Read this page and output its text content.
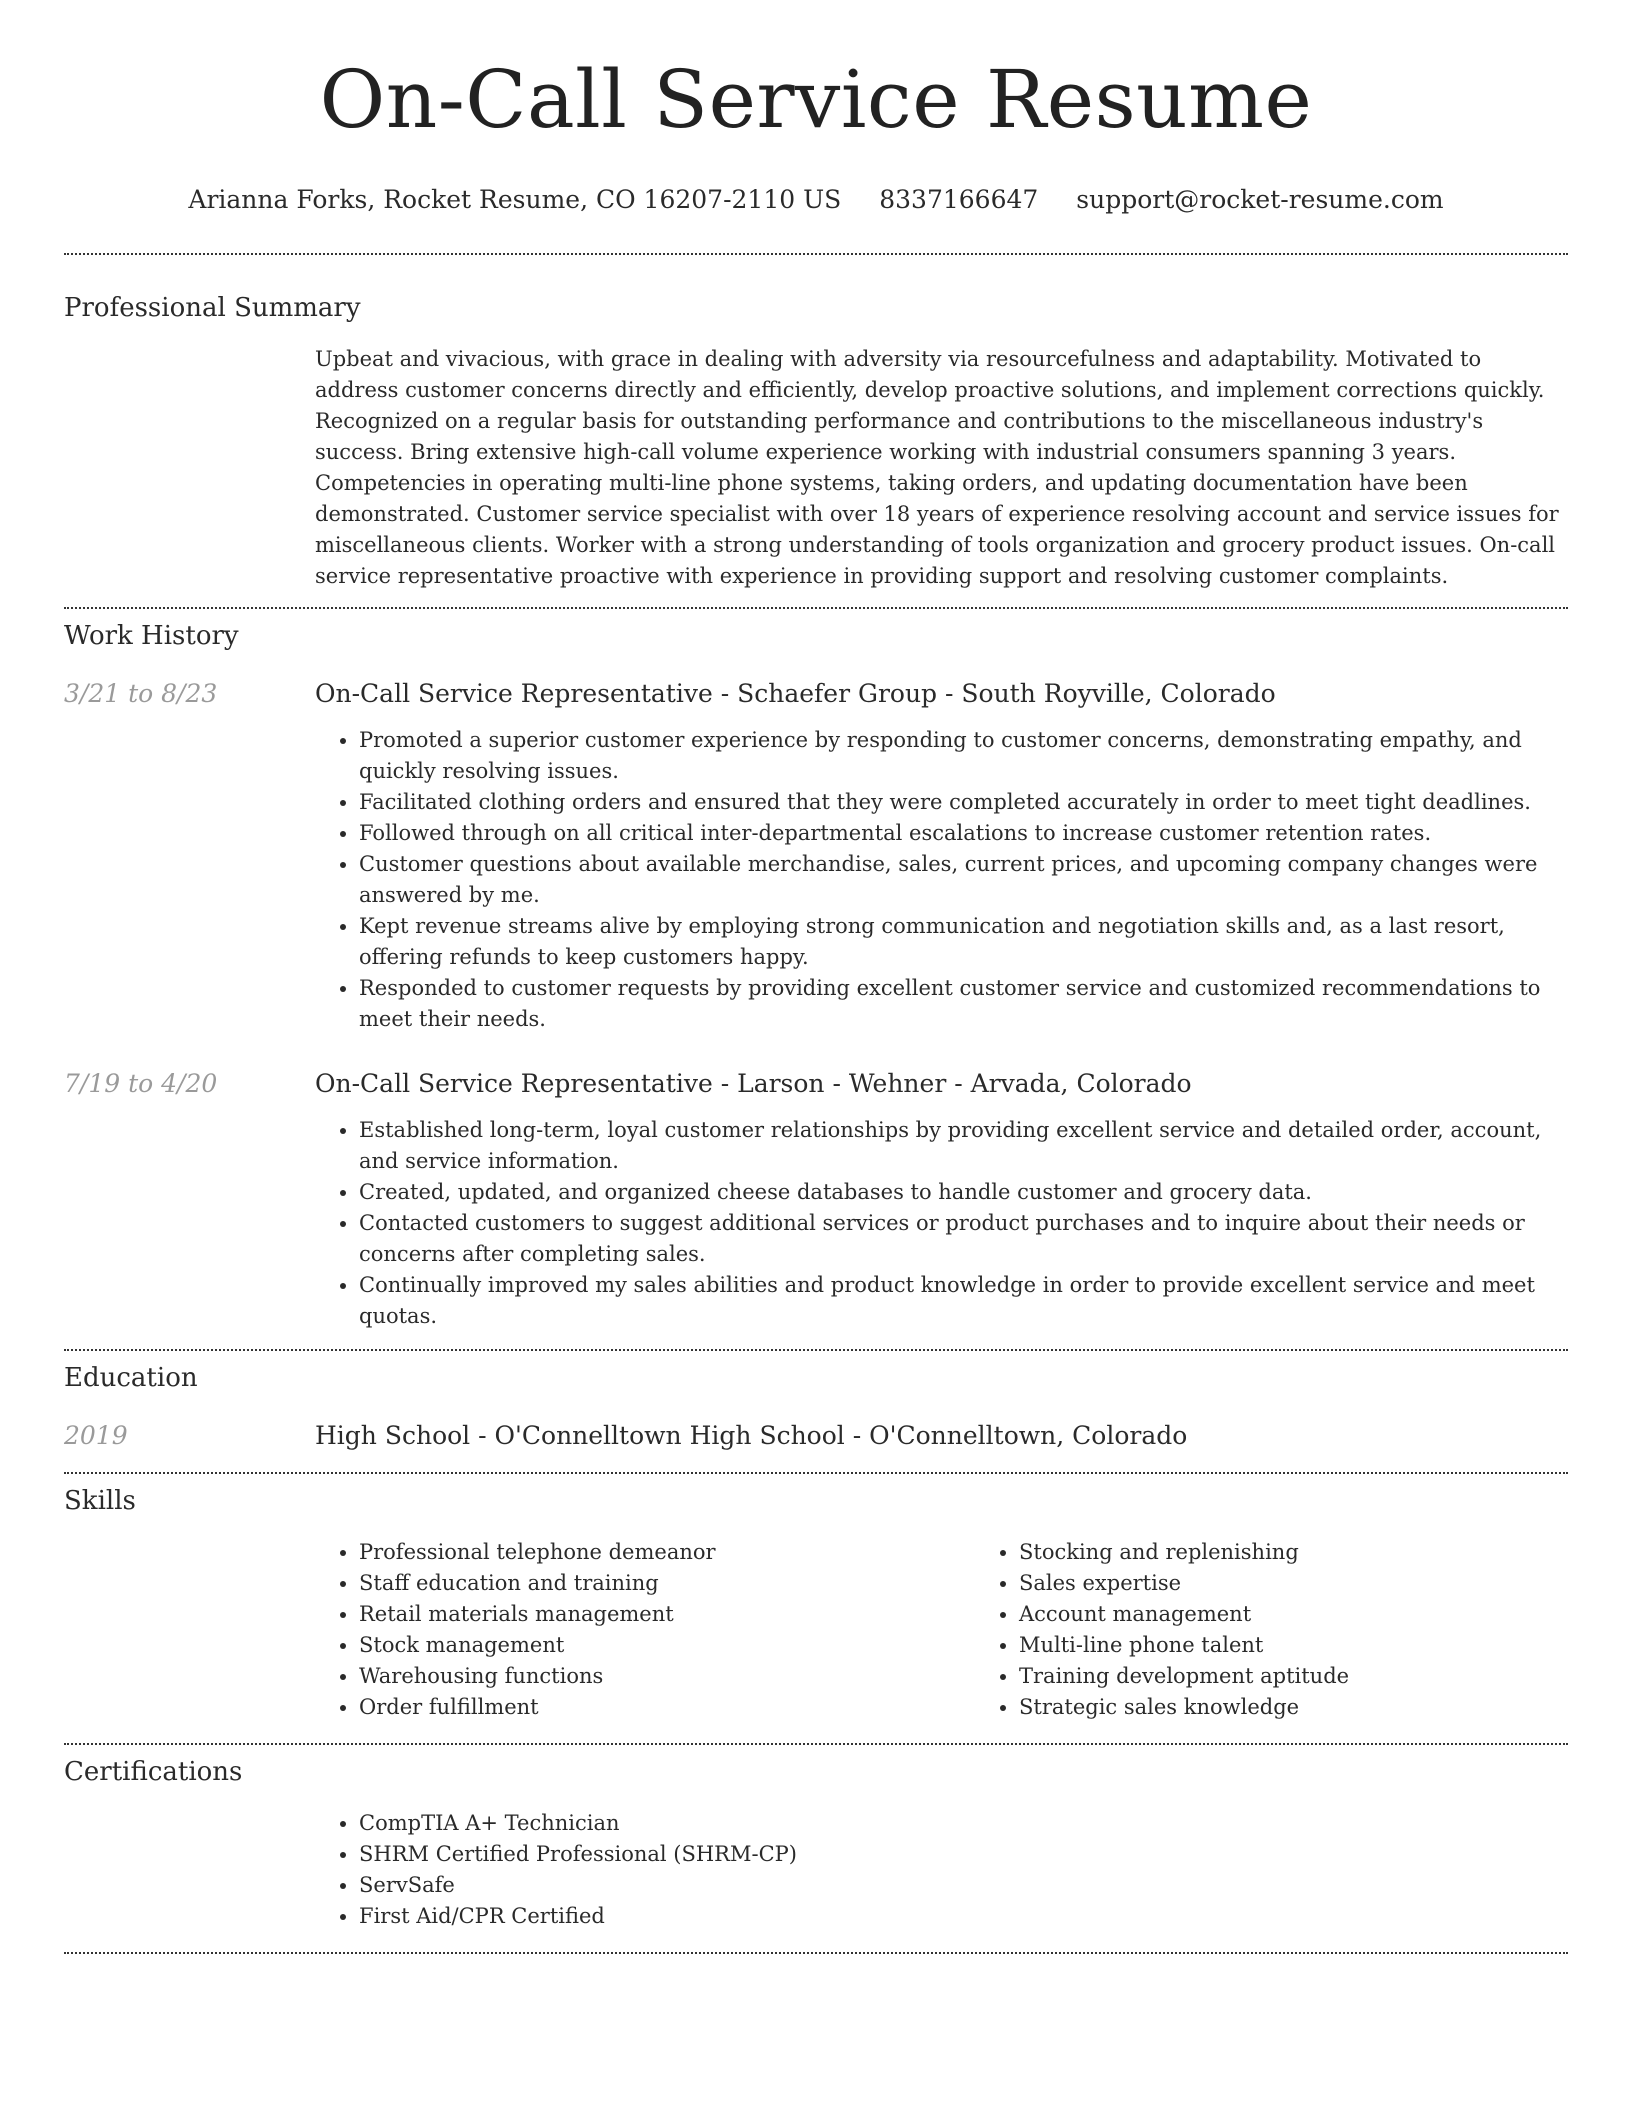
On-Call Service Resume
Arianna Forks, Rocket Resume, CO 16207-2110 US 8337166647 support@rocket-resume.com
Professional Summary

Upbeat and vivacious, with grace in dealing with adversity via resourcefulness and adaptability. Motivated to address customer concerns directly and efficiently, develop proactive solutions, and implement corrections quickly. Recognized on a regular basis for outstanding performance and contributions to the miscellaneous industry's success. Bring extensive high-call volume experience working with industrial consumers spanning 3 years. Competencies in operating multi-line phone systems, taking orders, and updating documentation have been demonstrated. Customer service specialist with over 18 years of experience resolving account and service issues for miscellaneous clients. Worker with a strong understanding of tools organization and grocery product issues. On-call service representative proactive with experience in providing support and resolving customer complaints.

Work History
3/21 to 8/23	On-Call Service Representative - Schaefer Group - South Royville, Colorado
• Promoted a superior customer experience by responding to customer concerns, demonstrating empathy, and quickly resolving issues.
• Facilitated clothing orders and ensured that they were completed accurately in order to meet tight deadlines.
• Followed through on all critical inter-departmental escalations to increase customer retention rates.
• Customer questions about available merchandise, sales, current prices, and upcoming company changes were answered by me.
• Kept revenue streams alive by employing strong communication and negotiation skills and, as a last resort, offering refunds to keep customers happy.
• Responded to customer requests by providing excellent customer service and customized recommendations to meet their needs.
7/19 to 4/20	On-Call Service Representative - Larson - Wehner - Arvada, Colorado
• Established long-term, loyal customer relationships by providing excellent service and detailed order, account, and service information.
• Created, updated, and organized cheese databases to handle customer and grocery data.
• Contacted customers to suggest additional services or product purchases and to inquire about their needs or concerns after completing sales.
• Continually improved my sales abilities and product knowledge in order to provide excellent service and meet quotas.
Education
2019	High School - O'Connelltown High School - O'Connelltown, Colorado
Skills
• Professional telephone demeanor
• Staff education and training
• Retail materials management
• Stock management
• Warehousing functions
• Order fulfillment
• Stocking and replenishing
• Sales expertise
• Account management
• Multi-line phone talent
• Training development aptitude
• Strategic sales knowledge
Certifications
• CompTIA A+ Technician
• SHRM Certified Professional (SHRM-CP)
• ServSafe
• First Aid/CPR Certified
